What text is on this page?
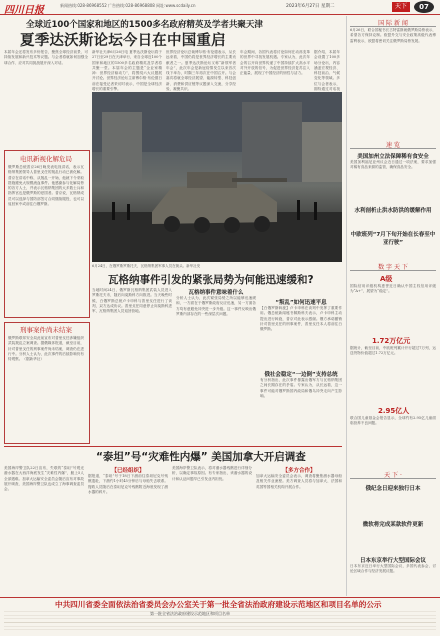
四川日报	新闻热线:028-86968552 广告热线:028-86968808 网址:www.scdaily.cn	2023年6月27日 星期二	天下	07
全球近100个国家和地区的1500多名政府精英及学者共聚天津
夏季达沃斯论坛今日在中国重启
本届年会还将发布多份报告，聚焦全球经济前景、可持续发展和新兴技术等议题。与会者将就如何加强全球合作、应对共同挑战展开深入对话。
新华社天津6月26日电 夏季达沃斯论坛将于27日至29日在天津举行，来自全球近100个国家和地区的1500多名政府精英及学者将共聚一堂。本届年会的主题是“企业家精神：世界经济驱动力”，将围绕六大议题展开讨论。世界经济论坛主席博尔格·布伦德日前在接受记者采访时表示，中国是全球经济增长的重要引擎。
世界经济论坛总裁博尔格·布伦德表示，从长远来看，中国仍将是世界经济增长的主要贡献者之一。夏季达沃斯论坛又称“新领军者年会”，此次年会是新冠疫情发生以来首次线下举办，时隔三年再次在中国召开。与会嘉宾将就全球经济展望、能源转型、科技创新、消费和供应链等议题深入交流，分享经验，凝聚共识。
年会期间，各国代表将讨论如何在动荡变革的世界中寻找发展机遇。专家认为，此次年会的召开向世界传递了中国持续扩大高水平对外开放的信号，为促进世界经济复苏注入正能量，展现了中国经济的韧性与活力。
据介绍，本届年会设置了100多场分论坛，内容涵盖宏观经济、科技前沿、气候变化等领域。多位与会者表示，期待通过对话找
电讯新视化解危局
俄罗斯总统普京26日晚发表电视讲话，表示瓦格纳集团领导人普里戈任的叛乱行动已被化解。普京在讲话中称，从叛乱一开始，他就下令采取措施避免大规模流血事件。他感谢参与化解局势的各方人士，并表示瓦格纳集团的大多数士兵和指挥官也是俄罗斯的爱国者。普京说，瓦格纳成员可以选择与国防部签订合同继续服役，也可以返回家中或前往白俄罗斯。
刑事案件尚未结案
俄罗斯联邦安全局此前宣布对普里戈任涉嫌组织武装叛乱立案调查。据俄媒体报道，截至目前，针对普里戈任的刑事案件尚未结案，调查仍在进行中。分析人士认为，此次事件的后续影响仍有待观察。（据新华社）
6月24日，在俄罗斯罗斯托夫，瓦格纳集团军事人员在街头。新华社发
瓦格纳事件引发的紧张局势为何能迅速缓和?
当地时间24日，俄罗斯瓦格纳集团武装人员进入罗斯托夫市，随后向莫斯科方向推进。当天晚些时候，白俄罗斯总统卢卡申科与普里戈任进行了谈判，双方达成协议。普里戈任同意停止向莫斯科进军，瓦格纳集团人员返回营地。
瓦格纳事件意味着什么
分析人士认为，此次紧张局势之所以能够迅速缓和，一方面在于俄罗斯政府反应迅速，另一方面各方均有意避免冲突进一步升级。这一事件反映出俄罗斯内部存在的一些深层次问题。
“叛乱”如何迅速平息
【白俄罗斯斡旋】卢卡申科在谈判中发挥了重要作用。俄总统新闻秘书佩斯科夫表示，卢卡申科主动提出进行斡旋，普京对此表示感谢。俄方承诺撤销针对普里戈任的刑事案件，普里戈任本人将前往白俄罗斯。
俄社会稳定“一边倒”支持总统
有分析指出，此次事件暴露出俄军方与瓦格纳集团之间长期存在的矛盾。专家认为，从长远看，这一事件可能对俄罗斯国内政局和俄乌冲突走向产生影响。
“泰坦”号“灾难性内爆” 美国加拿大开启调查
美国海岸警卫队22日宣布，失联的“泰坦”号观光潜水器在大西洋海底发生“灾难性内爆”，艇上5人全部遇难。加拿大运输安全委员会随后宣布对事故展开调查，美国海岸警卫队也成立了海事调查委员会。
【已经组织】
据报道，“泰坦”号于18日下潜前往泰坦尼克号残骸遗址，下潜约1小时45分钟后与母船失去联系。搜救人员随后在泰坦尼克号残骸附近海底发现了潜水器的碎片。
美国海岸警卫队表示，将对潜水器残骸进行详细分析，以确定事故原因。有专家指出，该潜水器的设计和认证问题早已引发业内担忧。
【多方合作】
加拿大运输安全委员会表示，调查将聚焦潜水器母船及相关作业流程。美方调查人员将与加拿大、法国和英国等国相关机构开展合作。
国 际 新 闻
6月26日，联合国秘书长古特雷斯就俄罗斯局势表示，希望各方保持克制。欧盟外交与安全政策高级代表博雷利表示，欧盟将密切关注俄罗斯局势发展。
速 览
美国加州立法保障稀有食安全
美国加利福尼亚州议会近日通过一项法案，要求加强对稀有食品来源的监管，确保食品安全。
水利剖析止洪水防洪的缓解作用
中欧班列“7月下旬开始在长春至中亚行驶”
数 字 天 下
A级
国际信用评级机构惠誉近日确认中国主权信用评级为“A+”，展望为“稳定”。
1.72万亿元
据统计，截至目前，中欧班列累计开行超过7万列，运送货物价值超过1.72万亿元。
2.95亿人
联合国儿童基金会报告显示，全球约有2.95亿儿童面临营养不良问题。
天 下 ·
俄纪念日迎来独行日本
微软将完成某款软件更新
日本东京举行大型国际会议
日本东京近日举行大型国际会议，多国代表参会，讨论区域合作与经济发展议题。
中共四川省委全面依法治省委员会办公室关于第一批全省法治政府建设示范地区和项目名单的公示
第一批全省法治政府建设示范地区和项目名单
